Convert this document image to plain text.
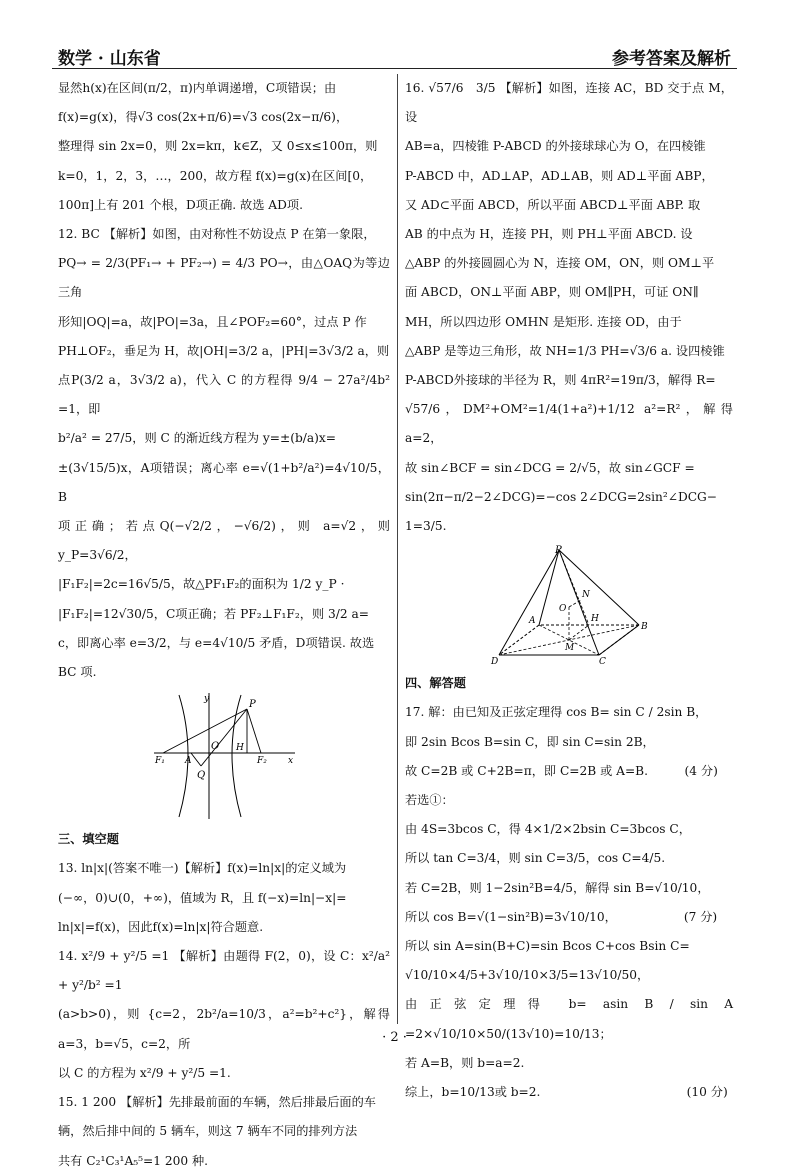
数学 · 山东省	参考答案及解析
显然h(x)在区间(π/2，π)内单调递增，C项错误；由
f(x)=g(x)，得√3 cos(2x+π/6)=√3 cos(2x−π/6)，
整理得 sin 2x=0，则 2x=kπ，k∈Z，又 0≤x≤100π，则
k=0，1，2，3，…，200，故方程 f(x)=g(x)在区间[0，
100π]上有 201 个根，D项正确. 故选 AD项.
12. BC 【解析】如图，由对称性不妨设点 P 在第一象限，
PQ→ = 2/3(PF₁→ + PF₂→) = 4/3 PO→，由△OAQ为等边三角
形知|OQ|=a，故|PO|=3a，且∠POF₂=60°，过点 P 作
PH⊥OF₂，垂足为 H，故|OH|=3/2 a，|PH|=3√3/2 a，则
点P(3/2 a，3√3/2 a)，代入 C 的方程得 9/4 − 27a²/4b² =1，即
b²/a² = 27/5，则 C 的渐近线方程为 y=±(b/a)x=
±(3√15/5)x，A项错误；离心率 e=√(1+b²/a²)=4√10/5，B
项正确；若点Q(−√2/2，−√6/2)，则 a=√2，则 y_P=3√6/2，
|F₁F₂|=2c=16√5/5，故△PF₁F₂的面积为 1/2 y_P ·
|F₁F₂|=12√30/5，C项正确；若 PF₂⊥F₁F₂，则 3/2 a=
c，即离心率 e=3/2，与 e=4√10/5 矛盾，D项错误. 故选
BC 项.
y
x
P
O
A
H
F₁	F₂
Q
三、填空题
13. ln|x|(答案不唯一)【解析】f(x)=ln|x|的定义域为
(−∞，0)∪(0，+∞)，值域为 R，且 f(−x)=ln|−x|=
ln|x|=f(x)，因此f(x)=ln|x|符合题意.
14. x²/9 + y²/5 =1 【解析】由题得 F(2，0)，设 C：x²/a² + y²/b² =1
(a>b>0)，则 {c=2，2b²/a=10/3，a²=b²+c²}，解得 a=3，b=√5，c=2，所
以 C 的方程为 x²/9 + y²/5 =1.
15. 1 200 【解析】先排最前面的车辆，然后排最后面的车
辆，然后排中间的 5 辆车，则这 7 辆车不同的排列方法
共有 C₂¹C₃¹A₅⁵=1 200 种.
16. √57/6　3/5 【解析】如图，连接 AC，BD 交于点 M，设
AB=a，四棱锥 P-ABCD 的外接球球心为 O，在四棱锥
P-ABCD 中，AD⊥AP，AD⊥AB，则 AD⊥平面 ABP，
又 AD⊂平面 ABCD，所以平面 ABCD⊥平面 ABP. 取
AB 的中点为 H，连接 PH，则 PH⊥平面 ABCD. 设
△ABP 的外接圆圆心为 N，连接 OM，ON，则 OM⊥平
面 ABCD，ON⊥平面 ABP，则 OM∥PH，可证 ON∥
MH，所以四边形 OMHN 是矩形. 连接 OD，由于
△ABP 是等边三角形，故 NH=1/3 PH=√3/6 a. 设四棱锥
P-ABCD外接球的半径为 R，则 4πR²=19π/3，解得 R=
√57/6，DM²+OM²=1/4(1+a²)+1/12 a²=R²，解得a=2，
故 sin∠BCF = sin∠DCG = 2/√5，故 sin∠GCF =
sin(2π−π/2−2∠DCG)=−cos 2∠DCG=2sin²∠DCG−
1=3/5.
P
A
B
C
D
O
H
N
M
四、解答题
17. 解：由已知及正弦定理得 cos B= sin C / 2sin B，
即 2sin Bcos B=sin C，即 sin C=sin 2B，
故 C=2B 或 C+2B=π，即 C=2B 或 A=B.　　　(4 分)
若选①：
由 4S=3bcos C，得 4×1/2×2bsin C=3bcos C，
所以 tan C=3/4，则 sin C=3/5，cos C=4/5.
若 C=2B，则 1−2sin²B=4/5，解得 sin B=√10/10，
所以 cos B=√(1−sin²B)=3√10/10，　　　　　　(7 分)
所以 sin A=sin(B+C)=sin Bcos C+cos Bsin C=
√10/10×4/5+3√10/10×3/5=13√10/50，
由正弦定理得 b= asin B / sin A =2×√10/10×50/(13√10)=10/13；
若 A=B，则 b=a=2.
综上，b=10/13或 b=2.　　　　　　　　　　　　(10 分)
· 2 ·
